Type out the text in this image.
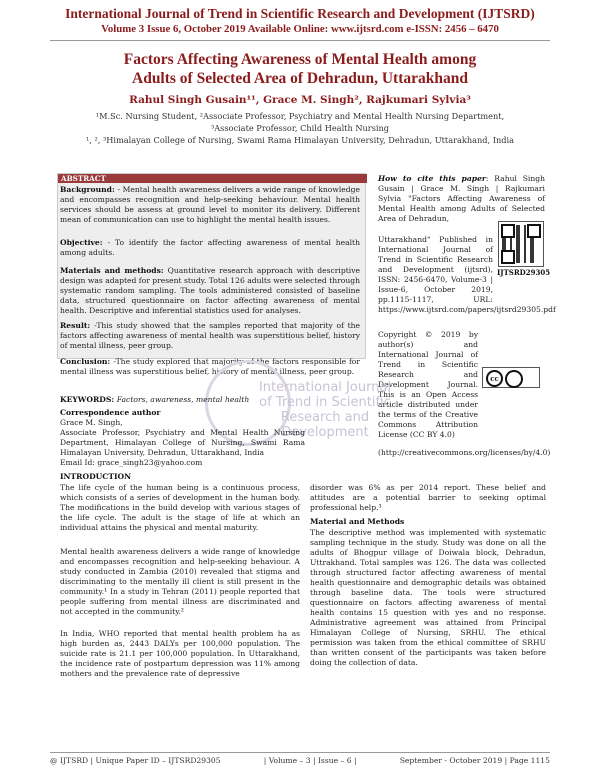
International Journal of Trend in Scientific Research and Development (IJTSRD)
Volume 3 Issue 6, October 2019 Available Online: www.ijtsrd.com e-ISSN: 2456 – 6470
Factors Affecting Awareness of Mental Health among
Adults of Selected Area of Dehradun, Uttarakhand
Rahul Singh Gusain¹¹, Grace M. Singh², Rajkumari Sylvia³
¹M.Sc. Nursing Student, ²Associate Professor, Psychiatry and Mental Health Nursing Department,
³Associate Professor, Child Health Nursing
¹, ², ³Himalayan College of Nursing, Swami Rama Himalayan University, Dehradun, Uttarakhand, India
ABSTRACT
Background: - Mental health awareness delivers a wide range of knowledge and encompasses recognition and help-seeking behaviour. Mental health services should be assess at ground level to monitor its delivery. Different mean of communication can use to highlight the mental health issues.
Objective: - To identify the factor affecting awareness of mental health among adults.
Materials and methods: Quantitative research approach with descriptive design was adapted for present study. Total 126 adults were selected through systematic random sampling. The tools administered consisted of baseline data, structured questionnaire on factor affecting awareness of mental health. Descriptive and inferential statistics used for analyses.
Result: -This study showed that the samples reported that majority of the factors affecting awareness of mental health was superstitious belief, history of mental illness, peer group.
Conclusion: -The study explored that majority of the factors responsible for mental illness was superstitious belief, history of mental illness, peer group.
How to cite this paper: Rahul Singh Gusain | Grace M. Singh | Rajkumari Sylvia "Factors Affecting Awareness of Mental Health among Adults of Selected Area of Dehradun,
Uttarakhand" Published in International Journal of Trend in Scientific Research and Development (ijtsrd), ISSN: 2456-6470, Volume-3 | Issue-6, October 2019, pp.1115-1117, URL: https://www.ijtsrd.com/papers/ijtsrd29305.pdf
IJTSRD29305
Copyright © 2019 by author(s) and International Journal of Trend in Scientific Research and Development Journal. This is an Open Access article distributed under the terms of the Creative Commons Attribution License (CC BY 4.0)
(http://creativecommons.org/licenses/by/4.0)
cc
International Journal
of Trend in Scientific
Research and
Development
KEYWORDS: Factors, awareness, mental health
Correspondence author
Grace M. Singh,
Associate Professor, Psychiatry and Mental Health Nursing Department, Himalayan College of Nursing, Swami Rama Himalayan University, Dehradun, Uttarakhand, India
Email Id: grace_singh23@yahoo.com
INTRODUCTION
The life cycle of the human being is a continuous process, which consists of a series of development in the human body. The modifications in the build develop with various stages of the life cycle. The adult is the stage of life at which an individual attains the physical and mental maturity.
Mental health awareness delivers a wide range of knowledge and encompasses recognition and help-seeking behaviour. A study conducted in Zambia (2010) revealed that stigma and discriminating to the mentally ill client is still present in the community.¹ In a study in Tehran (2011) people reported that people suffering from mental illness are discriminated and not accepted in the community.²
In India, WHO reported that mental health problem ha as high burden as, 2443 DALYs per 100,000 population. The suicide rate is 21.1 per 100,000 population. In Uttarakhand, the incidence rate of postpartum depression was 11% among mothers and the prevalence rate of depressive
disorder was 6% as per 2014 report. These belief and attitudes are a potential barrier to seeking optimal professional help.³
Material and Methods
The descriptive method was implemented with systematic sampling technique in the study. Study was done on all the adults of Bhogpur village of Doiwala block, Dehradun, Uttrakhand. Total samples was 126. The data was collected through structured factor affecting awareness of mental health questionnaire and demographic details was obtained through baseline data. The tools were structured questionnaire on factors affecting awareness of mental health contains 15 question with yes and no response. Administrative agreement was attained from Principal Himalayan College of Nursing, SRHU. The ethical permission was taken from the ethical committee of SRHU than written consent of the participants was taken before doing the collection of data.
@ IJTSRD | Unique Paper ID – IJTSRD29305	| Volume – 3 | Issue – 6 |	September - October 2019 | Page 1115
